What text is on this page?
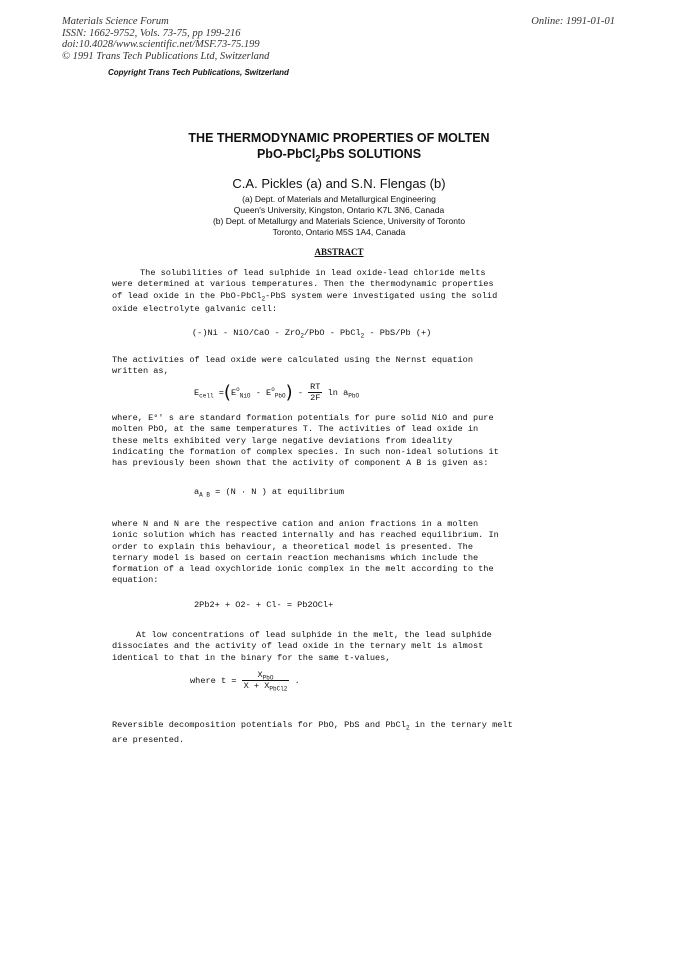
Materials Science Forum
ISSN: 1662-9752, Vols. 73-75, pp 199-216
doi:10.4028/www.scientific.net/MSF.73-75.199
© 1991 Trans Tech Publications Ltd, Switzerland
Online: 1991-01-01
Copyright Trans Tech Publications, Switzerland
THE THERMODYNAMIC PROPERTIES OF MOLTEN
PbO-PbCl$_2$PbS SOLUTIONS
C.A. Pickles (a) and S.N. Flengas (b)
(a) Dept. of Materials and Metallurgical Engineering
Queen's University, Kingston, Ontario K7L 3N6, Canada
(b) Dept. of Metallurgy and Materials Science, University of Toronto
Toronto, Ontario M5S 1A4, Canada
ABSTRACT
The solubilities of lead sulphide in lead oxide-lead chloride melts
were determined at various temperatures. Then the thermodynamic properties
of lead oxide in the PbO-PbCl$_2$-PbS system were investigated using the solid
oxide electrolyte galvanic cell:
(-)Ni - NiO/CaO - ZrO$_2$/PbO - PbCl$_2$ - PbS/Pb (+)
The activities of lead oxide were calculated using the Nernst equation
written as,
$E_{cell} =(E^o_{NiO} - E^o_{PbO}) - \frac{RT}{2F}$ $\ln a_{PbO}$
where, E°' s are standard formation potentials for pure solid NiO and pure
molten PbO, at the same temperatures T. The activities of lead oxide in
these melts exhibited very large negative deviations from ideality
indicating the formation of complex species. In such non-ideal solutions it
has previously been shown that the activity of component A B is given as:
$a_{A B} = (N \cdot N$ ) at equilibrium
where N and N are the respective cation and anion fractions in a molten
ionic solution which has reacted internally and has reached equilibrium. In
order to explain this behaviour, a theoretical model is presented. The
ternary model is based on certain reaction mechanisms which include the
formation of a lead oxychloride ionic complex in the melt according to the
equation:
2Pb2+ + O2- + Cl- = Pb2OCl+
At low concentrations of lead sulphide in the melt, the lead sulphide
dissociates and the activity of lead oxide in the ternary melt is almost
identical to that in the binary for the same t-values,
where $t = \frac{X_{PbO}}{X + X_{PbCl2}}$ .
Reversible decomposition potentials for PbO, PbS and PbCl$_2$ in the ternary melt
are presented.
